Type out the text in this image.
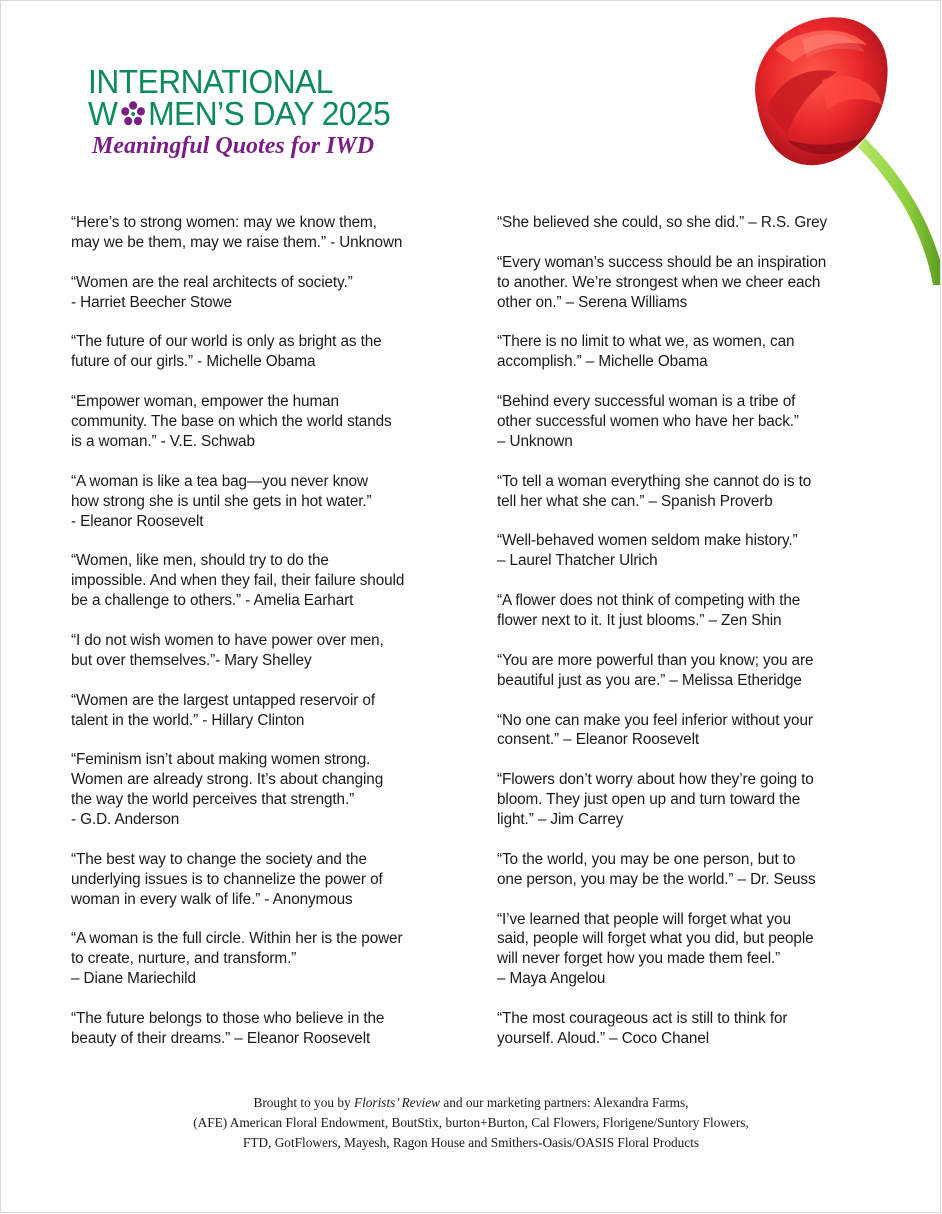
INTERNATIONAL
W MEN’S DAY 2025
Meaningful Quotes for IWD

“Here’s to strong women: may we know them,
may we be them, may we raise them.” - Unknown

“Women are the real architects of society.”
- Harriet Beecher Stowe

“The future of our world is only as bright as the
future of our girls.” - Michelle Obama

“Empower woman, empower the human
community. The base on which the world stands
is a woman.” - V.E. Schwab

“A woman is like a tea bag—you never know
how strong she is until she gets in hot water.”
- Eleanor Roosevelt

“Women, like men, should try to do the
impossible. And when they fail, their failure should
be a challenge to others.” - Amelia Earhart

“I do not wish women to have power over men,
but over themselves.”- Mary Shelley

“Women are the largest untapped reservoir of
talent in the world.” - Hillary Clinton

“Feminism isn’t about making women strong.
Women are already strong. It’s about changing
the way the world perceives that strength.”
- G.D. Anderson

“The best way to change the society and the
underlying issues is to channelize the power of
woman in every walk of life.” - Anonymous

“A woman is the full circle. Within her is the power
to create, nurture, and transform.”
– Diane Mariechild

“The future belongs to those who believe in the
beauty of their dreams.” – Eleanor Roosevelt

“She believed she could, so she did.” – R.S. Grey

“Every woman’s success should be an inspiration
to another. We’re strongest when we cheer each
other on.” – Serena Williams

“There is no limit to what we, as women, can
accomplish.” – Michelle Obama

“Behind every successful woman is a tribe of
other successful women who have her back.”
– Unknown

“To tell a woman everything she cannot do is to
tell her what she can.” – Spanish Proverb

“Well-behaved women seldom make history.”
– Laurel Thatcher Ulrich

“A flower does not think of competing with the
flower next to it. It just blooms.” – Zen Shin

“You are more powerful than you know; you are
beautiful just as you are.” – Melissa Etheridge

“No one can make you feel inferior without your
consent.” – Eleanor Roosevelt

“Flowers don’t worry about how they’re going to
bloom. They just open up and turn toward the
light.” – Jim Carrey

“To the world, you may be one person, but to
one person, you may be the world.” – Dr. Seuss

“I’ve learned that people will forget what you
said, people will forget what you did, but people
will never forget how you made them feel.”
– Maya Angelou

“The most courageous act is still to think for
yourself. Aloud.” – Coco Chanel

Brought to you by Florists’ Review and our marketing partners: Alexandra Farms,
(AFE) American Floral Endowment, BoutStix, burton+Burton, Cal Flowers, Florigene/Suntory Flowers,
FTD, GotFlowers, Mayesh, Ragon House and Smithers-Oasis/OASIS Floral Products
